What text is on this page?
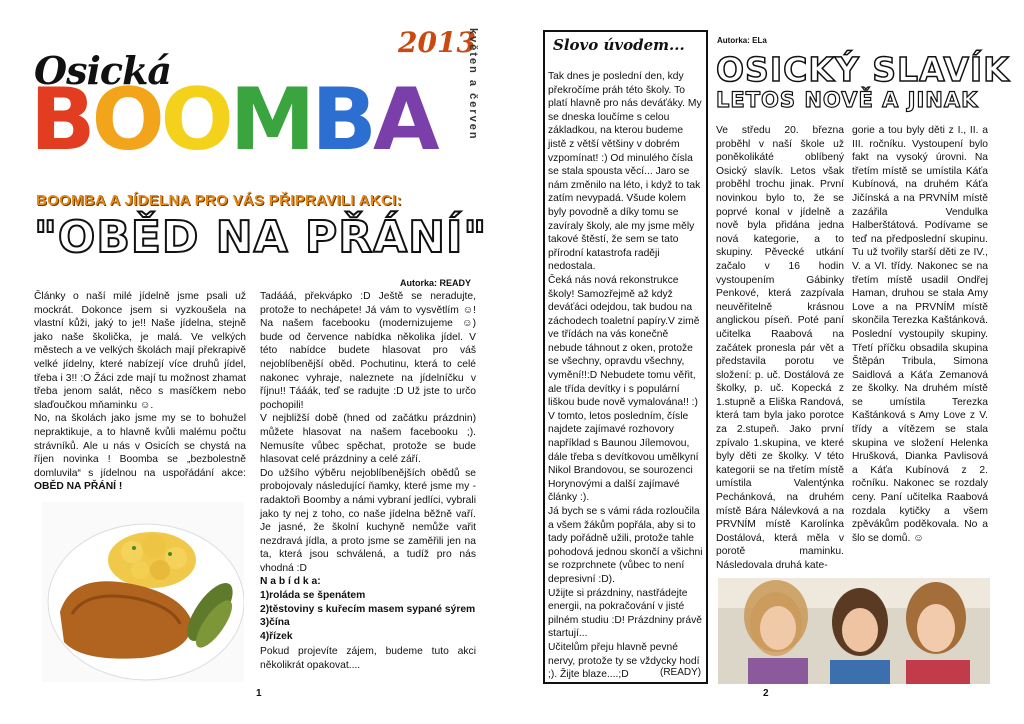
Osická
2013
květen a červen
B O O M B A
BOOMBA A JÍDELNA PRO VÁS PŘIPRAVILI AKCI:
"OBĚD NA PŘÁNÍ"
Autorka: READY

Články o naší milé jídelně jsme psali už mockrát. Dokonce jsem si vyzkoušela na vlastní kůži, jaký to je!! Naše jídelna, stejně jako naše školička, je malá. Ve velkých městech a ve velkých školách mají překrapivě velké jídelny, které nabízejí více druhů jídel, třeba i 3!! :O Žáci zde mají tu možnost zhamat třeba jenom salát, něco s masíčkem nebo slaďoučkou mňaminku ☺.

No, na školách jako jsme my se to bohužel nepraktikuje, a to hlavně kvůli malému počtu strávníků. Ale u nás v Osicích se chystá na říjen novinka ! Boomba se „bezbolestně domluvila“ s jídelnou na uspořádání akce: OBĚD NA PŘÁNÍ !

Tadááá, překvápko :D Ještě se neradujte, protože to nechápete! Já vám to vysvětlím ☺! Na našem facebooku (modernizujeme ☺) bude od července nabídka několika jídel. V této nabídce budete hlasovat pro váš nejoblíbenější oběd. Pochutinu, která to celé nakonec vyhraje, naleznete na jídelníčku v říjnu!! Tááák, teď se radujte :D Už jste to určo pochopili!

V nejbližší době (hned od začátku prázdnin) můžete hlasovat na našem facebooku ;). Nemusíte vůbec spěchat, protože se bude hlasovat celé prázdniny a celé září.

Do užšího výběru nejoblíbenějších obědů se probojovaly následující ňamky, které jsme my - radaktoři Boomby a námi vybraní jedlíci, vybrali jako ty nej z toho, co naše jídelna běžně vaří. Je jasné, že školní kuchyně nemůže vařit nezdravá jídla, a proto jsme se zaměřili jen na ta, která jsou schválená, a tudíž pro nás vhodná :D

N a b í d k a:

1)roláda se špenátem

2)těstoviny s kuřecím masem sypané sýrem

3)čína

4)řízek

Pokud projevíte zájem, budeme tuto akci několikrát opakovat....

1
Slovo úvodem...

Tak dnes je poslední den, kdy překročíme práh této školy. To platí hlavně pro nás deváťáky. My se dneska loučíme s celou základkou, na kterou budeme jistě z větší většiny v dobrém vzpomínat! :) Od minulého čísla se stala spousta věcí... Jaro se nám změnilo na léto, i když to tak zatím nevypadá. Všude kolem byly povodně a díky tomu se zavíraly školy, ale my jsme měly takové štěstí, že sem se tato přírodní katastrofa raději nedostala.

Čeká nás nová rekonstrukce školy! Samozřejmě až když deváťáci odejdou, tak budou na záchodech toaletní papíry.V zimě ve třídách na vás konečně nebude táhnout z oken, protože se všechny, opravdu všechny, vymění!!:D Nebudete tomu věřit, ale třída devítky i s populární liškou bude nově vymalována!! :)

V tomto, letos posledním, čísle najdete zajímavé rozhovory například s Baunou Jílemovou, dále třeba s devítkovou umělkyní Nikol Brandovou, se sourozenci Horynovými a další zajímavé články :).

Já bych se s vámi ráda rozloučila a všem žákům popřála, aby si to tady pořádně užili, protože tahle pohodová jednou skončí a všichni se rozprchnete (vůbec to není depresivní :D).

Užijte si prázdniny, nastřádejte energii, na pokračování v jisté pilném studiu :D! Prázdniny právě startují...

Učitelům přeju hlavně pevné nervy, protože ty se vždycky hodí ;). Žijte blaze....;D	(READY)
Autorka: ELa
OSICKÝ SLAVÍK
LETOS NOVĚ A JINAK

Ve středu 20. března proběhl v naší škole už poněkolikáté oblíbený Osický slavík. Letos však proběhl trochu jinak. První novinkou bylo to, že se poprvé konal v jídelně a nově byla přidána jedna nová kategorie, a to skupiny. Pěvecké utkání začalo v 16 hodin vystoupením Gábinky Penkové, která zazpívala neuvěřitelně krásnou anglickou píseň. Poté paní učitelka Raabová na začátek pronesla pár vět a představila porotu ve složení: p. uč. Dostálová ze školky, p. uč. Kopecká z 1.stupně a Eliška Randová, která tam byla jako porotce za 2.stupeň. Jako první zpívalo 1.skupina, ve které byly děti ze školky. V této kategorii se na třetím místě umístila Valentýnka Pechánková, na druhém místě Bára Nálevková a na PRVNÍM místě Karolínka Dostálová, která měla v porotě maminku. Následovala druhá kate-

gorie a tou byly děti z I., II. a III. ročníku. Vystoupení bylo fakt na vysoký úrovni. Na třetím místě se umístila Káťa Kubínová, na druhém Káťa Jičínská a na PRVNÍM místě zazářila Vendulka Halberštátová. Podívame se teď na předposlední skupinu. Tu už tvořily starší děti ze IV., V. a VI. třídy. Nakonec se na třetím místě usadil Ondřej Haman, druhou se stala Amy Love a na PRVNÍM místě skončila Terezka Kaštánková. Poslední vystoupily skupiny. Třetí příčku obsadila skupina Štěpán Tribula, Simona Saidlová a Káťa Zemanová ze školky. Na druhém místě se umístila Terezka Kaštánková s Amy Love z V. třídy a vítězem se stala skupina ve složení Helenka Hrušková, Dianka Pavlisová a Káťa Kubínová z 2. ročníku. Nakonec se rozdaly ceny. Paní učitelka Raabová rozdala kytičky a všem zpěvákům poděkovala. No a šlo se domů. ☺

2
